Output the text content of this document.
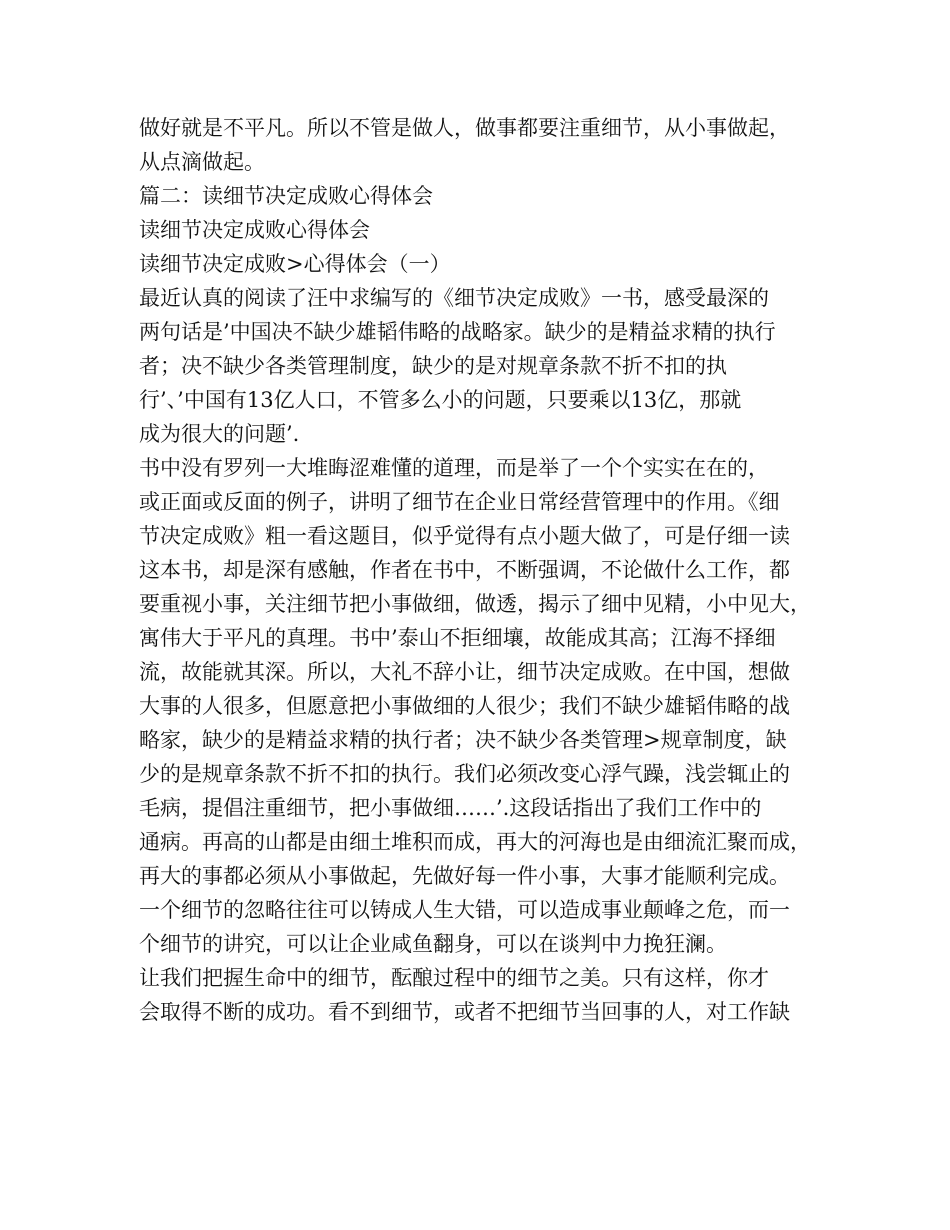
做好就是不平凡。所以不管是做人，做事都要注重细节，从小事做起，
从点滴做起。
篇二：读细节决定成败心得体会
读细节决定成败心得体会
读细节决定成败>心得体会（一）
最近认真的阅读了汪中求编写的《细节决定成败》一书，感受最深的
两句话是’中国决不缺少雄韬伟略的战略家。缺少的是精益求精的执行
者；决不缺少各类管理制度，缺少的是对规章条款不折不扣的执
行’、’中国有13亿人口，不管多么小的问题，只要乘以13亿，那就
成为很大的问题’.
书中没有罗列一大堆晦涩难懂的道理，而是举了一个个实实在在的，
或正面或反面的例子，讲明了细节在企业日常经营管理中的作用。《细
节决定成败》粗一看这题目，似乎觉得有点小题大做了，可是仔细一读
这本书，却是深有感触，作者在书中，不断强调，不论做什么工作，都
要重视小事，关注细节把小事做细，做透，揭示了细中见精，小中见大，
寓伟大于平凡的真理。书中’泰山不拒细壤，故能成其高；江海不择细
流，故能就其深。所以，大礼不辞小让，细节决定成败。在中国，想做
大事的人很多，但愿意把小事做细的人很少；我们不缺少雄韬伟略的战
略家，缺少的是精益求精的执行者；决不缺少各类管理>规章制度，缺
少的是规章条款不折不扣的执行。我们必须改变心浮气躁，浅尝辄止的
毛病，提倡注重细节，把小事做细……’.这段话指出了我们工作中的
通病。再高的山都是由细土堆积而成，再大的河海也是由细流汇聚而成，
再大的事都必须从小事做起，先做好每一件小事，大事才能顺利完成。
一个细节的忽略往往可以铸成人生大错，可以造成事业颠峰之危，而一
个细节的讲究，可以让企业咸鱼翻身，可以在谈判中力挽狂澜。
让我们把握生命中的细节，酝酿过程中的细节之美。只有这样，你才
会取得不断的成功。看不到细节，或者不把细节当回事的人，对工作缺
